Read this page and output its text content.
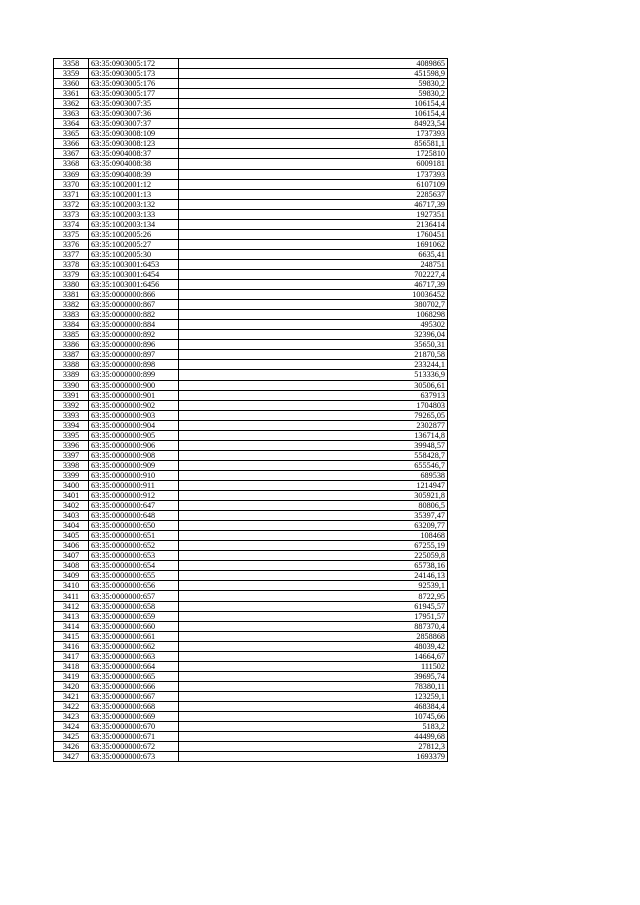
3358	63:35:0903005:172	4089865
3359	63:35:0903005:173	451598,9
3360	63:35:0903005:176	59830,2
3361	63:35:0903005:177	59830,2
3362	63:35:0903007:35	106154,4
3363	63:35:0903007:36	106154,4
3364	63:35:0903007:37	84923,54
3365	63:35:0903008:109	1737393
3366	63:35:0903008:123	856581,1
3367	63:35:0904008:37	1725810
3368	63:35:0904008:38	6009181
3369	63:35:0904008:39	1737393
3370	63:35:1002001:12	6107109
3371	63:35:1002001:13	2285637
3372	63:35:1002003:132	46717,39
3373	63:35:1002003:133	1927351
3374	63:35:1002003:134	2136414
3375	63:35:1002005:26	1760451
3376	63:35:1002005:27	1691062
3377	63:35:1002005:30	6635,41
3378	63:35:1003001:6453	248751
3379	63:35:1003001:6454	702227,4
3380	63:35:1003001:6456	46717,39
3381	63:35:0000000:866	10036452
3382	63:35:0000000:867	380702,7
3383	63:35:0000000:882	1068298
3384	63:35:0000000:884	495302
3385	63:35:0000000:892	32396,04
3386	63:35:0000000:896	35650,31
3387	63:35:0000000:897	21870,58
3388	63:35:0000000:898	233244,1
3389	63:35:0000000:899	513336,9
3390	63:35:0000000:900	30506,61
3391	63:35:0000000:901	637913
3392	63:35:0000000:902	1704803
3393	63:35:0000000:903	79265,05
3394	63:35:0000000:904	2302877
3395	63:35:0000000:905	136714,8
3396	63:35:0000000:906	39948,57
3397	63:35:0000000:908	558428,7
3398	63:35:0000000:909	655546,7
3399	63:35:0000000:910	689538
3400	63:35:0000000:911	1214947
3401	63:35:0000000:912	305921,8
3402	63:35:0000000:647	80806,5
3403	63:35:0000000:648	35397,47
3404	63:35:0000000:650	63209,77
3405	63:35:0000000:651	108468
3406	63:35:0000000:652	67255,19
3407	63:35:0000000:653	225059,8
3408	63:35:0000000:654	65738,16
3409	63:35:0000000:655	24146,13
3410	63:35:0000000:656	92539,1
3411	63:35:0000000:657	8722,95
3412	63:35:0000000:658	61945,57
3413	63:35:0000000:659	17951,57
3414	63:35:0000000:660	887370,4
3415	63:35:0000000:661	2858868
3416	63:35:0000000:662	48039,42
3417	63:35:0000000:663	14664,67
3418	63:35:0000000:664	111502
3419	63:35:0000000:665	39695,74
3420	63:35:0000000:666	78380,11
3421	63:35:0000000:667	123259,1
3422	63:35:0000000:668	468384,4
3423	63:35:0000000:669	10745,66
3424	63:35:0000000:670	5183,2
3425	63:35:0000000:671	44499,68
3426	63:35:0000000:672	27812,3
3427	63:35:0000000:673	1693379
